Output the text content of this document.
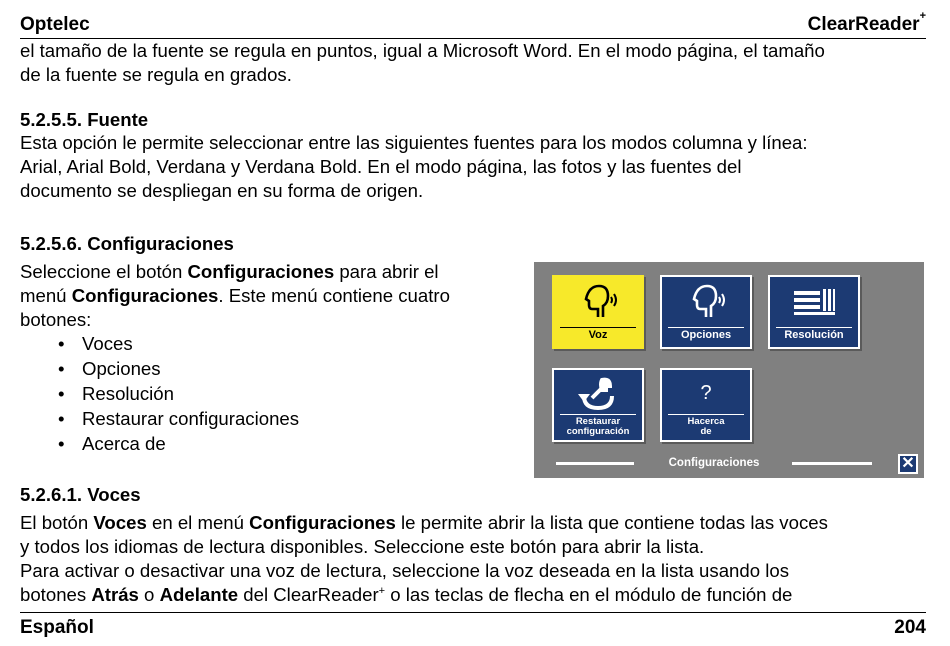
Optelec	ClearReader+
el tamaño de la fuente se regula en puntos, igual a Microsoft Word. En el modo página, el tamaño
de la fuente se regula en grados.
5.2.5.5. Fuente
Esta opción le permite seleccionar entre las siguientes fuentes para los modos columna y línea:
Arial, Arial Bold, Verdana y Verdana Bold. En el modo página, las fotos y las fuentes del
documento se despliegan en su forma de origen.
5.2.5.6. Configuraciones
Seleccione el botón Configuraciones para abrir el
menú Configuraciones. Este menú contiene cuatro
botones:
• Voces
• Opciones
• Resolución
• Restaurar configuraciones
• Acerca de
Voz	Opciones	Resolución
Restaurar
configuración
?
Hacerca
de
Configuraciones	✕
5.2.6.1. Voces
El botón Voces en el menú Configuraciones le permite abrir la lista que contiene todas las voces
y todos los idiomas de lectura disponibles. Seleccione este botón para abrir la lista.
Para activar o desactivar una voz de lectura, seleccione la voz deseada en la lista usando los
botones Atrás o Adelante del ClearReader+ o las teclas de flecha en el módulo de función de
Español	204
